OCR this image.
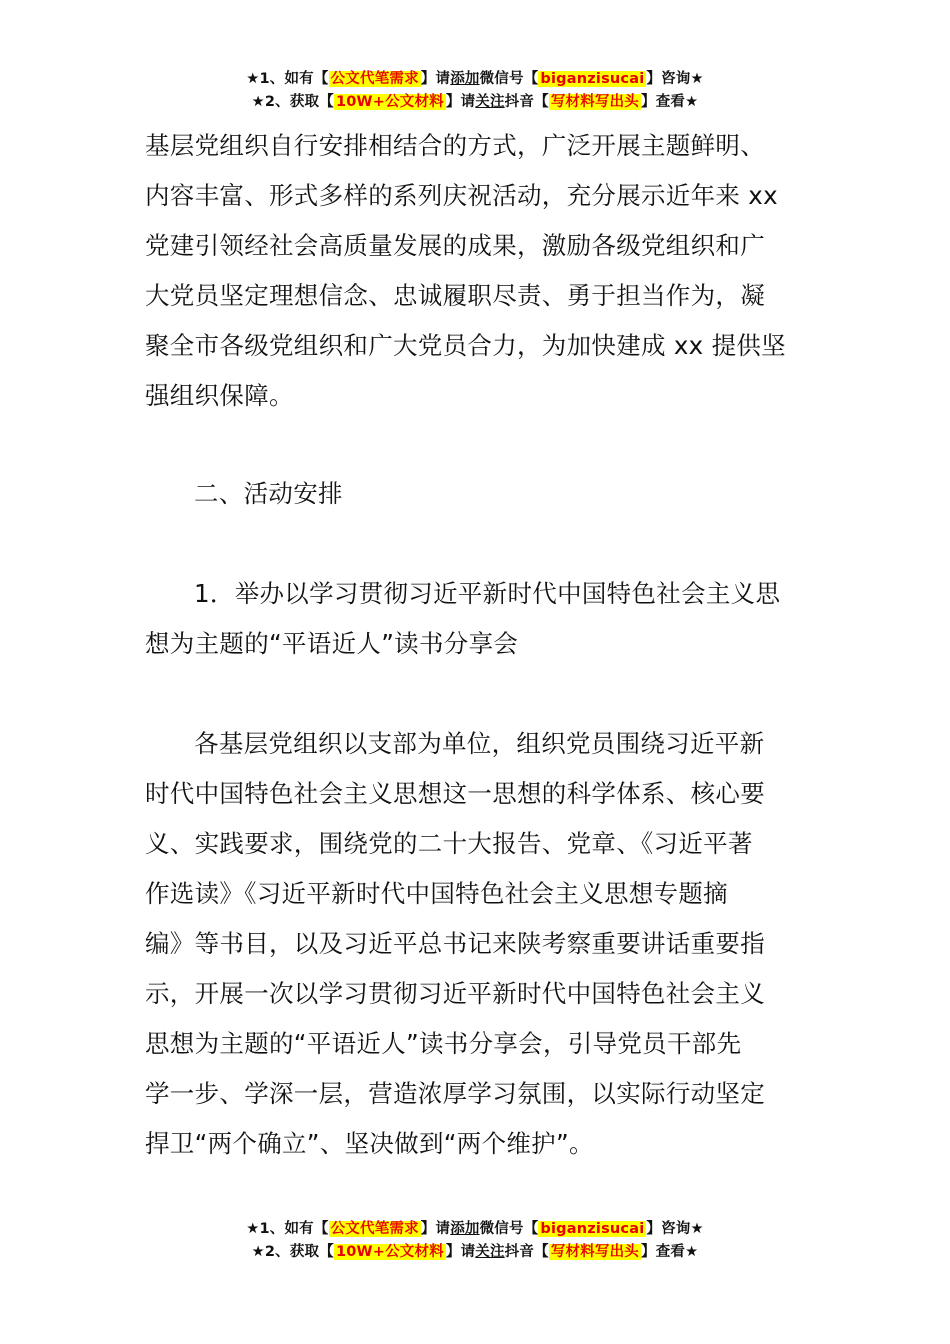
★1、如有【 公文代笔需求 】请添加微信号【 biganzisucai 】咨询★
★2、获取【 10W+公文材料 】请关注抖音【 写材料写出头 】查看★
基层党组织自行安排相结合的方式，广泛开展主题鲜明、
内容丰富、形式多样的系列庆祝活动，充分展示近年来 xx
党建引领经社会高质量发展的成果，激励各级党组织和广
大党员坚定理想信念、忠诚履职尽责、勇于担当作为，凝
聚全市各级党组织和广大党员合力，为加快建成 xx 提供坚
强组织保障。
二、活动安排
1．举办以学习贯彻习近平新时代中国特色社会主义思
想为主题的“平语近人”读书分享会
各基层党组织以支部为单位，组织党员围绕习近平新
时代中国特色社会主义思想这一思想的科学体系、核心要
义、实践要求，围绕党的二十大报告、党章、《习近平著
作选读》《习近平新时代中国特色社会主义思想专题摘
编》等书目，以及习近平总书记来陕考察重要讲话重要指
示，开展一次以学习贯彻习近平新时代中国特色社会主义
思想为主题的“平语近人”读书分享会，引导党员干部先
学一步、学深一层，营造浓厚学习氛围，以实际行动坚定
捍卫“两个确立”、坚决做到“两个维护”。
★1、如有【 公文代笔需求 】请添加微信号【 biganzisucai 】咨询★
★2、获取【 10W+公文材料 】请关注抖音【 写材料写出头 】查看★
